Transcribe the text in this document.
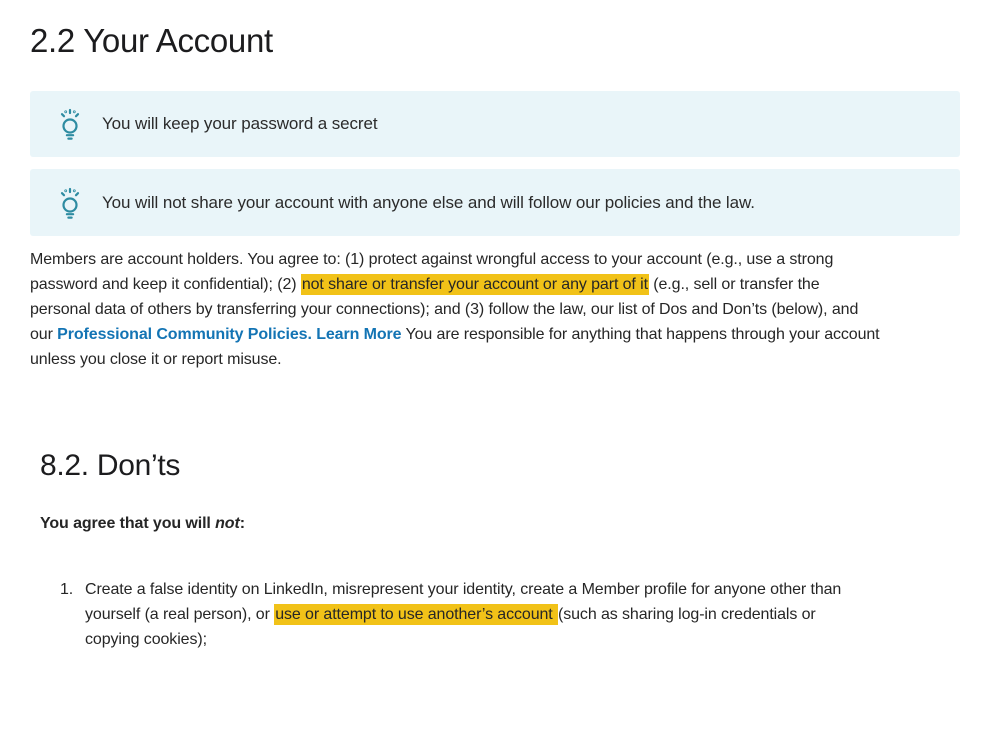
2.2 Your Account
You will keep your password a secret
You will not share your account with anyone else and will follow our policies and the law.

Members are account holders. You agree to: (1) protect against wrongful access to your account (e.g., use a strong
password and keep it confidential); (2) not share or transfer your account or any part of it (e.g., sell or transfer the
personal data of others by transferring your connections); and (3) follow the law, our list of Dos and Don’ts (below), and
our Professional Community Policies. Learn More You are responsible for anything that happens through your account
unless you close it or report misuse.

8.2. Don’ts

You agree that you will not:

1. Create a false identity on LinkedIn, misrepresent your identity, create a Member profile for anyone other than
yourself (a real person), or use or attempt to use another’s account (such as sharing log-in credentials or
copying cookies);
